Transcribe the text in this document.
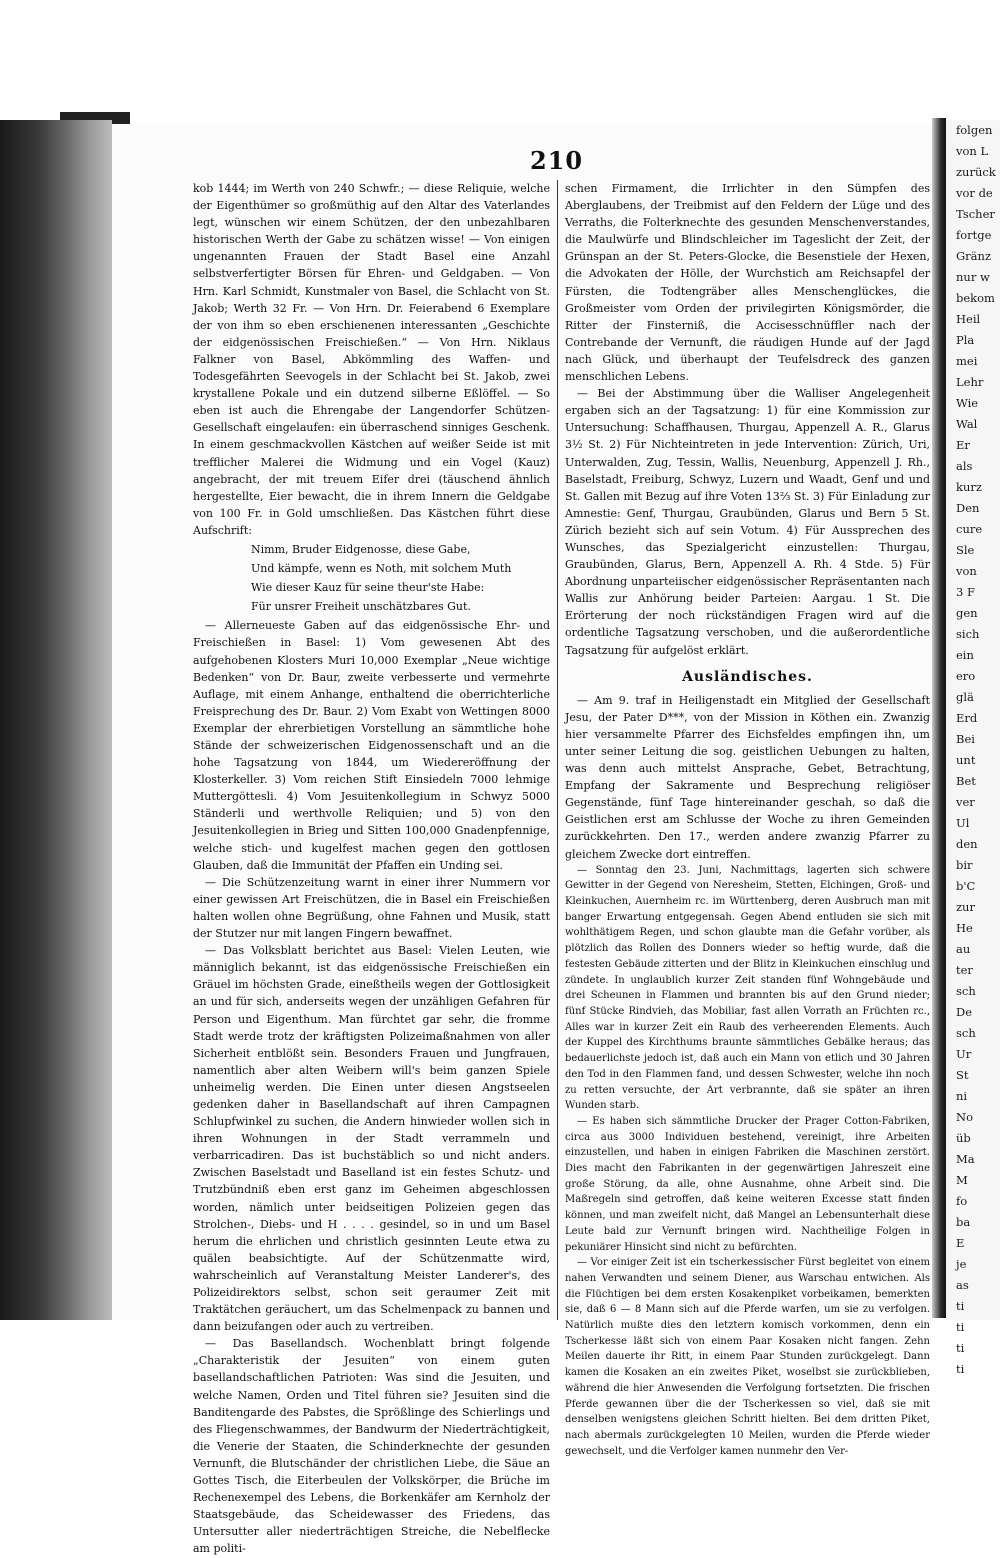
folgen
von L
zurück
vor de
Tscher
fortge
Gränz
nur w
bekom
Heil
Pla
mei
Lehr
Wie
Wal
Er
als
kurz
Den
cure
Sle
von
3 F
gen
sich
ein
ero
glä
Erd
Bei
unt
Bet
ver
Ul
den
bir
b'C
zur
He
au
ter
sch
De
sch
Ur
St
ni
No
üb
Ma
M
fo
ba
E
je
as
ti
ti
ti
ti
210

kob 1444; im Werth von 240 Schwfr.; — diese Reliquie, welche der Eigenthümer so großmüthig auf den Altar des Vaterlandes legt, wünschen wir einem Schützen, der den unbezahlbaren historischen Werth der Gabe zu schätzen wisse! — Von einigen ungenannten Frauen der Stadt Basel eine Anzahl selbstverfertigter Börsen für Ehren- und Geldgaben. — Von Hrn. Karl Schmidt, Kunstmaler von Basel, die Schlacht von St. Jakob; Werth 32 Fr. — Von Hrn. Dr. Feierabend 6 Exemplare der von ihm so eben erschienenen interessanten „Geschichte der eidgenössischen Freischießen.“ — Von Hrn. Niklaus Falkner von Basel, Abkömmling des Waffen- und Todesgefährten Seevogels in der Schlacht bei St. Jakob, zwei krystallene Pokale und ein dutzend silberne Eßlöffel. — So eben ist auch die Ehrengabe der Langendorfer Schützen-Gesellschaft eingelaufen: ein überraschend sinniges Geschenk. In einem geschmackvollen Kästchen auf weißer Seide ist mit trefflicher Malerei die Widmung und ein Vogel (Kauz) angebracht, der mit treuem Eifer drei (täuschend ähnlich hergestellte, Eier bewacht, die in ihrem Innern die Geldgabe von 100 Fr. in Gold umschließen. Das Kästchen führt diese Aufschrift:

Nimm, Bruder Eidgenosse, diese Gabe,
Und kämpfe, wenn es Noth, mit solchem Muth
Wie dieser Kauz für seine theur'ste Habe:
Für unsrer Freiheit unschätzbares Gut.

— Allerneueste Gaben auf das eidgenössische Ehr- und Freischießen in Basel: 1) Vom gewesenen Abt des aufgehobenen Klosters Muri 10,000 Exemplar „Neue wichtige Bedenken“ von Dr. Baur, zweite verbesserte und vermehrte Auflage, mit einem Anhange, enthaltend die oberrichterliche Freisprechung des Dr. Baur. 2) Vom Exabt von Wettingen 8000 Exemplar der ehrerbietigen Vorstellung an sämmtliche hohe Stände der schweizerischen Eidgenossenschaft und an die hohe Tagsatzung von 1844, um Wiedereröffnung der Klosterkeller. 3) Vom reichen Stift Einsiedeln 7000 lehmige Muttergöttesli. 4) Vom Jesuitenkollegium in Schwyz 5000 Ständerli und werthvolle Reliquien; und 5) von den Jesuitenkollegien in Brieg und Sitten 100,000 Gnadenpfennige, welche stich- und kugelfest machen gegen den gottlosen Glauben, daß die Immunität der Pfaffen ein Unding sei.

— Die Schützenzeitung warnt in einer ihrer Nummern vor einer gewissen Art Freischützen, die in Basel ein Freischießen halten wollen ohne Begrüßung, ohne Fahnen und Musik, statt der Stutzer nur mit langen Fingern bewaffnet.

— Das Volksblatt berichtet aus Basel: Vielen Leuten, wie männiglich bekannt, ist das eidgenössische Freischießen ein Gräuel im höchsten Grade, eineßtheils wegen der Gottlosigkeit an und für sich, anderseits wegen der unzähligen Gefahren für Person und Eigenthum. Man fürchtet gar sehr, die fromme Stadt werde trotz der kräftigsten Polizeimaßnahmen von aller Sicherheit entblößt sein. Besonders Frauen und Jungfrauen, namentlich aber alten Weibern will's beim ganzen Spiele unheimelig werden. Die Einen unter diesen Angstseelen gedenken daher in Basellandschaft auf ihren Campagnen Schlupfwinkel zu suchen, die Andern hinwieder wollen sich in ihren Wohnungen in der Stadt verrammeln und verbarricadiren. Das ist buchstäblich so und nicht anders. Zwischen Baselstadt und Baselland ist ein festes Schutz- und Trutzbündniß eben erst ganz im Geheimen abgeschlossen worden, nämlich unter beidseitigen Polizeien gegen das Strolchen-, Diebs- und H . . . . gesindel, so in und um Basel herum die ehrlichen und christlich gesinnten Leute etwa zu quälen beabsichtigte. Auf der Schützenmatte wird, wahrscheinlich auf Veranstaltung Meister Landerer's, des Polizeidirektors selbst, schon seit geraumer Zeit mit Traktätchen geräuchert, um das Schelmenpack zu bannen und dann beizufangen oder auch zu vertreiben.

— Das Basellandsch. Wochenblatt bringt folgende „Charakteristik der Jesuiten“ von einem guten basellandschaftlichen Patrioten: Was sind die Jesuiten, und welche Namen, Orden und Titel führen sie? Jesuiten sind die Banditengarde des Pabstes, die Sprößlinge des Schierlings und des Fliegenschwammes, der Bandwurm der Niederträchtigkeit, die Venerie der Staaten, die Schinderknechte der gesunden Vernunft, die Blutschänder der christlichen Liebe, die Säue an Gottes Tisch, die Eiterbeulen der Volkskörper, die Brüche im Rechenexempel des Lebens, die Borkenkäfer am Kernholz der Staatsgebäude, das Scheidewasser des Friedens, das Untersutter aller niederträchtigen Streiche, die Nebelflecke am politi-

schen Firmament, die Irrlichter in den Sümpfen des Aberglaubens, der Treibmist auf den Feldern der Lüge und des Verraths, die Folterknechte des gesunden Menschenverstandes, die Maulwürfe und Blindschleicher im Tageslicht der Zeit, der Grünspan an der St. Peters-Glocke, die Besenstiele der Hexen, die Advokaten der Hölle, der Wurchstich am Reichsapfel der Fürsten, die Todtengräber alles Menschenglückes, die Großmeister vom Orden der privilegirten Königsmörder, die Ritter der Finsterniß, die Accisesschnüffler nach der Contrebande der Vernunft, die räudigen Hunde auf der Jagd nach Glück, und überhaupt der Teufelsdreck des ganzen menschlichen Lebens.

— Bei der Abstimmung über die Walliser Angelegenheit ergaben sich an der Tagsatzung: 1) für eine Kommission zur Untersuchung: Schaffhausen, Thurgau, Appenzell A. R., Glarus 3½ St. 2) Für Nichteintreten in jede Intervention: Zürich, Uri, Unterwalden, Zug, Tessin, Wallis, Neuenburg, Appenzell J. Rh., Baselstadt, Freiburg, Schwyz, Luzern und Waadt, Genf und und St. Gallen mit Bezug auf ihre Voten 13⅔ St. 3) Für Einladung zur Amnestie: Genf, Thurgau, Graubünden, Glarus und Bern 5 St. Zürich bezieht sich auf sein Votum. 4) Für Aussprechen des Wunsches, das Spezialgericht einzustellen: Thurgau, Graubünden, Glarus, Bern, Appenzell A. Rh. 4 Stde. 5) Für Abordnung unparteiischer eidgenössischer Repräsentanten nach Wallis zur Anhörung beider Parteien: Aargau. 1 St. Die Erörterung der noch rückständigen Fragen wird auf die ordentliche Tagsatzung verschoben, und die außerordentliche Tagsatzung für aufgelöst erklärt.

Ausländisches.

— Am 9. traf in Heiligenstadt ein Mitglied der Gesellschaft Jesu, der Pater D***, von der Mission in Köthen ein. Zwanzig hier versammelte Pfarrer des Eichsfeldes empfingen ihn, um unter seiner Leitung die sog. geistlichen Uebungen zu halten, was denn auch mittelst Ansprache, Gebet, Betrachtung, Empfang der Sakramente und Besprechung religiöser Gegenstände, fünf Tage hintereinander geschah, so daß die Geistlichen erst am Schlusse der Woche zu ihren Gemeinden zurückkehrten. Den 17., werden andere zwanzig Pfarrer zu gleichem Zwecke dort eintreffen.

— Sonntag den 23. Juni, Nachmittags, lagerten sich schwere Gewitter in der Gegend von Neresheim, Stetten, Elchingen, Groß- und Kleinkuchen, Auernheim rc. im Württenberg, deren Ausbruch man mit banger Erwartung entgegensah. Gegen Abend entluden sie sich mit wohlthätigem Regen, und schon glaubte man die Gefahr vorüber, als plötzlich das Rollen des Donners wieder so heftig wurde, daß die festesten Gebäude zitterten und der Blitz in Kleinkuchen einschlug und zündete. In unglaublich kurzer Zeit standen fünf Wohngebäude und drei Scheunen in Flammen und brannten bis auf den Grund nieder; fünf Stücke Rindvieh, das Mobiliar, fast allen Vorrath an Früchten rc., Alles war in kurzer Zeit ein Raub des verheerenden Elements. Auch der Kuppel des Kirchthums braunte sämmtliches Gebälke heraus; das bedauerlichste jedoch ist, daß auch ein Mann von etlich und 30 Jahren den Tod in den Flammen fand, und dessen Schwester, welche ihn noch zu retten versuchte, der Art verbrannte, daß sie später an ihren Wunden starb.

— Es haben sich sämmtliche Drucker der Prager Cotton-Fabriken, circa aus 3000 Individuen bestehend, vereinigt, ihre Arbeiten einzustellen, und haben in einigen Fabriken die Maschinen zerstört. Dies macht den Fabrikanten in der gegenwärtigen Jahreszeit eine große Störung, da alle, ohne Ausnahme, ohne Arbeit sind. Die Maßregeln sind getroffen, daß keine weiteren Excesse statt finden können, und man zweifelt nicht, daß Mangel an Lebensunterhalt diese Leute bald zur Vernunft bringen wird. Nachtheilige Folgen in pekuniärer Hinsicht sind nicht zu befürchten.

— Vor einiger Zeit ist ein tscherkessischer Fürst begleitet von einem nahen Verwandten und seinem Diener, aus Warschau entwichen. Als die Flüchtigen bei dem ersten Kosakenpiket vorbeikamen, bemerkten sie, daß 6 — 8 Mann sich auf die Pferde warfen, um sie zu verfolgen. Natürlich mußte dies den letztern komisch vorkommen, denn ein Tscherkesse läßt sich von einem Paar Kosaken nicht fangen. Zehn Meilen dauerte ihr Ritt, in einem Paar Stunden zurückgelegt. Dann kamen die Kosaken an ein zweites Piket, woselbst sie zurückblieben, während die hier Anwesenden die Verfolgung fortsetzten. Die frischen Pferde gewannen über die der Tscherkessen so viel, daß sie mit denselben wenigstens gleichen Schritt hielten. Bei dem dritten Piket, nach abermals zurückgelegten 10 Meilen, wurden die Pferde wieder gewechselt, und die Verfolger kamen nunmehr den Ver-
